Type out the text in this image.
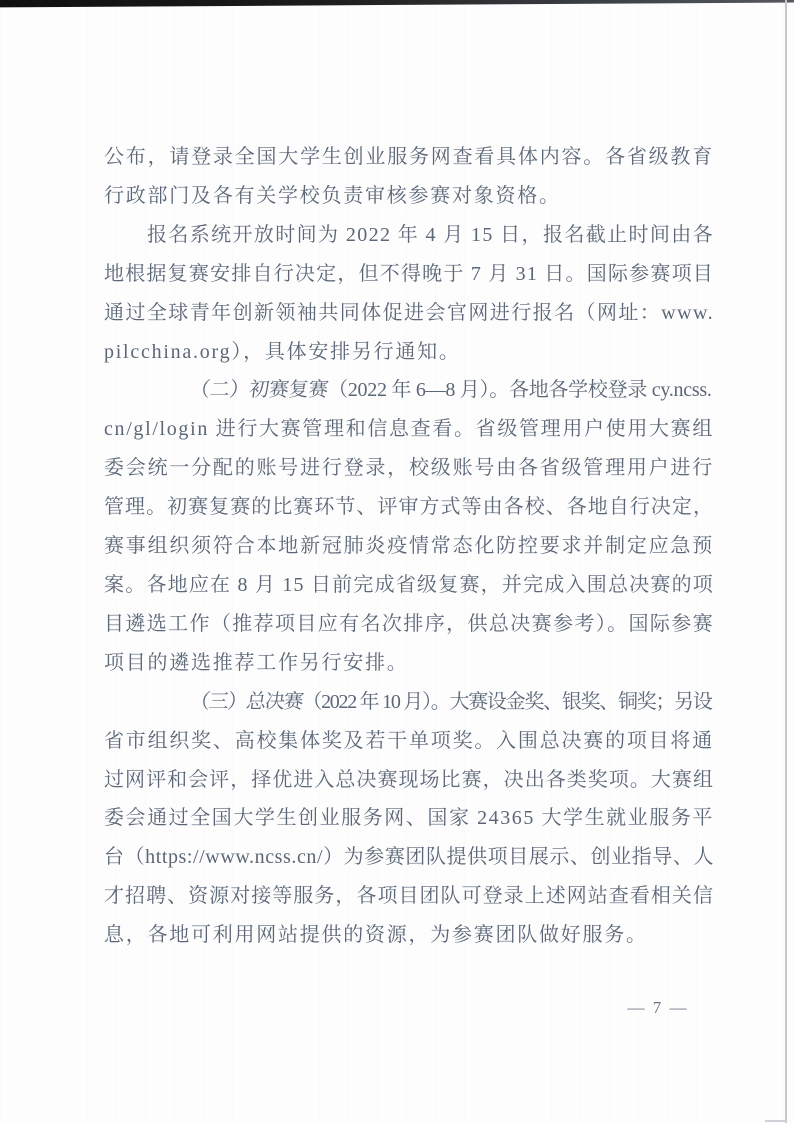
公布，请登录全国大学生创业服务网查看具体内容。各省级教育
行政部门及各有关学校负责审核参赛对象资格。
报名系统开放时间为 2022 年 4 月 15 日，报名截止时间由各
地根据复赛安排自行决定，但不得晚于 7 月 31 日。国际参赛项目
通过全球青年创新领袖共同体促进会官网进行报名（网址：www.
pilcchina.org），具体安排另行通知。
（二）初赛复赛（2022 年 6—8 月）。各地各学校登录 cy.ncss.
cn/gl/login 进行大赛管理和信息查看。省级管理用户使用大赛组
委会统一分配的账号进行登录，校级账号由各省级管理用户进行
管理。初赛复赛的比赛环节、评审方式等由各校、各地自行决定，
赛事组织须符合本地新冠肺炎疫情常态化防控要求并制定应急预
案。各地应在 8 月 15 日前完成省级复赛，并完成入围总决赛的项
目遴选工作（推荐项目应有名次排序，供总决赛参考）。国际参赛
项目的遴选推荐工作另行安排。
（三）总决赛（2022 年 10 月）。大赛设金奖、银奖、铜奖；另设
省市组织奖、高校集体奖及若干单项奖。入围总决赛的项目将通
过网评和会评，择优进入总决赛现场比赛，决出各类奖项。大赛组
委会通过全国大学生创业服务网、国家 24365 大学生就业服务平
台（https://www.ncss.cn/）为参赛团队提供项目展示、创业指导、人
才招聘、资源对接等服务，各项目团队可登录上述网站查看相关信
息，各地可利用网站提供的资源，为参赛团队做好服务。
— 7 —
